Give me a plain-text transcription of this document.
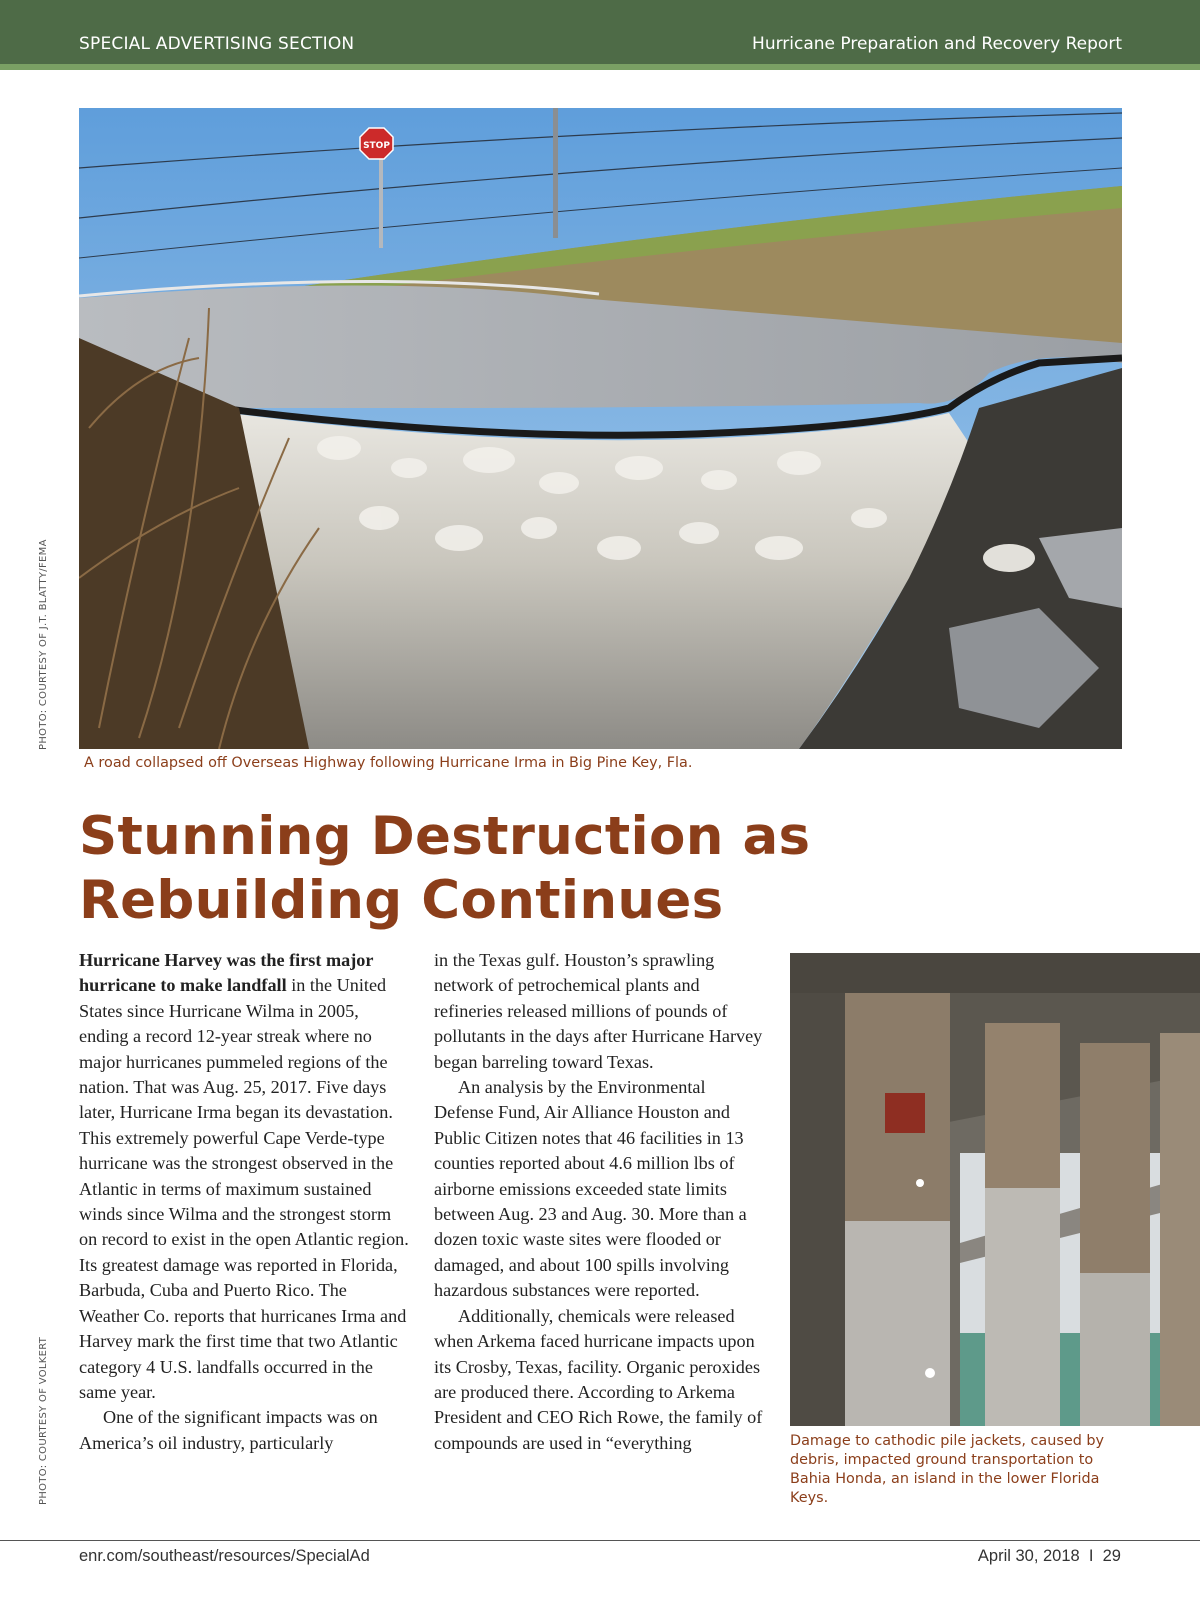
SPECIAL ADVERTISING SECTION	Hurricane Preparation and Recovery Report
STOP
PHOTO: COURTESY OF J.T. BLATTY/FEMA
A road collapsed off Overseas Highway following Hurricane Irma in Big Pine Key, Fla.
Stunning Destruction as Rebuilding Continues

Hurricane Harvey was the first major hurricane to make landfall in the United States since Hurricane Wilma in 2005, ending a record 12-year streak where no major hurricanes pummeled regions of the nation. That was Aug. 25, 2017. Five days later, Hurricane Irma began its devastation. This extremely powerful Cape Verde-type hurricane was the strongest observed in the Atlantic in terms of maximum sustained winds since Wilma and the strongest storm on record to exist in the open Atlantic region. Its greatest damage was reported in Florida, Barbuda, Cuba and Puerto Rico. The Weather Co. reports that hurricanes Irma and Harvey mark the first time that two Atlantic category 4 U.S. landfalls occurred in the same year.

One of the significant impacts was on America’s oil industry, particularly

in the Texas gulf. Houston’s sprawling network of petrochemical plants and refineries released millions of pounds of pollutants in the days after Hurricane Harvey began barreling toward Texas.

An analysis by the Environmental Defense Fund, Air Alliance Houston and Public Citizen notes that 46 facilities in 13 counties reported about 4.6 million lbs of airborne emissions exceeded state limits between Aug. 23 and Aug. 30. More than a dozen toxic waste sites were flooded or damaged, and about 100 spills involving hazardous substances were reported.

Additionally, chemicals were released when Arkema faced hurricane impacts upon its Crosby, Texas, facility. Organic peroxides are produced there. According to Arkema President and CEO Rich Rowe, the family of compounds are used in “everything

PHOTO: COURTESY OF VOLKERT	Damage to cathodic pile jackets, caused by debris, impacted ground transportation to Bahia Honda, an island in the lower Florida Keys.
enr.com/southeast/resources/SpecialAd	April 30, 2018  I  29
